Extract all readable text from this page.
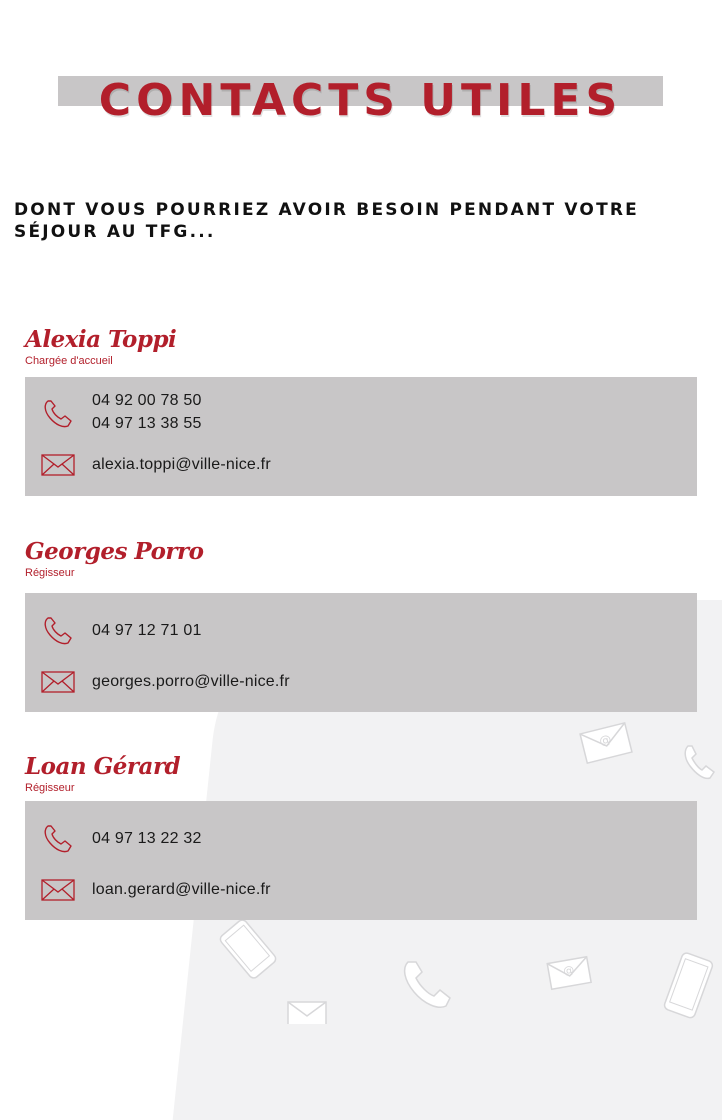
@
@
CONTACTS UTILES
DONT VOUS POURRIEZ AVOIR BESOIN PENDANT VOTRE SÉJOUR AU TFG...
Alexia Toppi
Chargée d'accueil
04 92 00 78 50
04 97 13 38 55
alexia.toppi@ville-nice.fr
Georges Porro
Régisseur
04 97 12 71 01
georges.porro@ville-nice.fr
Loan Gérard
Régisseur
04 97 13 22 32
loan.gerard@ville-nice.fr
